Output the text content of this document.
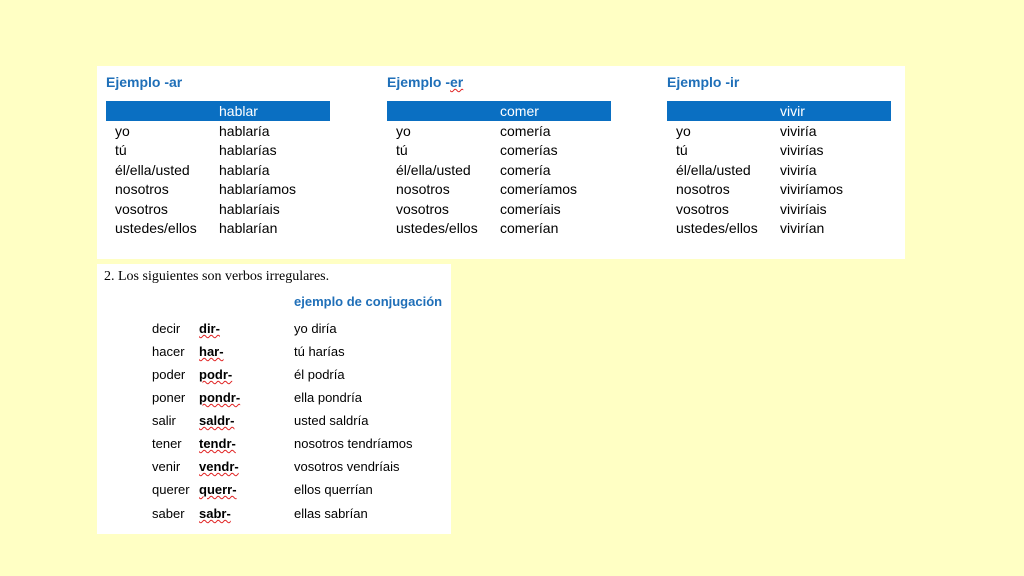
Ejemplo -ar
hablar
yo	hablaría
tú	hablarías
él/ella/usted hablaría
nosotros	hablaríamos
vosotros	hablaríais
ustedes/ellos hablarían
Ejemplo -er
comer
yo	comería
tú	comerías
él/ella/usted comería
nosotros	comeríamos
vosotros	comeríais
ustedes/ellos comerían
Ejemplo -ir
vivir
yo	viviría
tú	vivirías
él/ella/usted viviría
nosotros	viviríamos
vosotros	viviríais
ustedes/ellos vivirían
2. Los siguientes son verbos irregulares.
ejemplo de conjugación
decir dir-	yo diría
hacer har-	tú harías
poder podr-	él podría
poner pondr-	ella pondría
salir saldr-	usted saldría
tener tendr-	nosotros tendríamos
venir vendr-	vosotros vendríais
querer querr-	ellos querrían
saber sabr-	ellas sabrían
